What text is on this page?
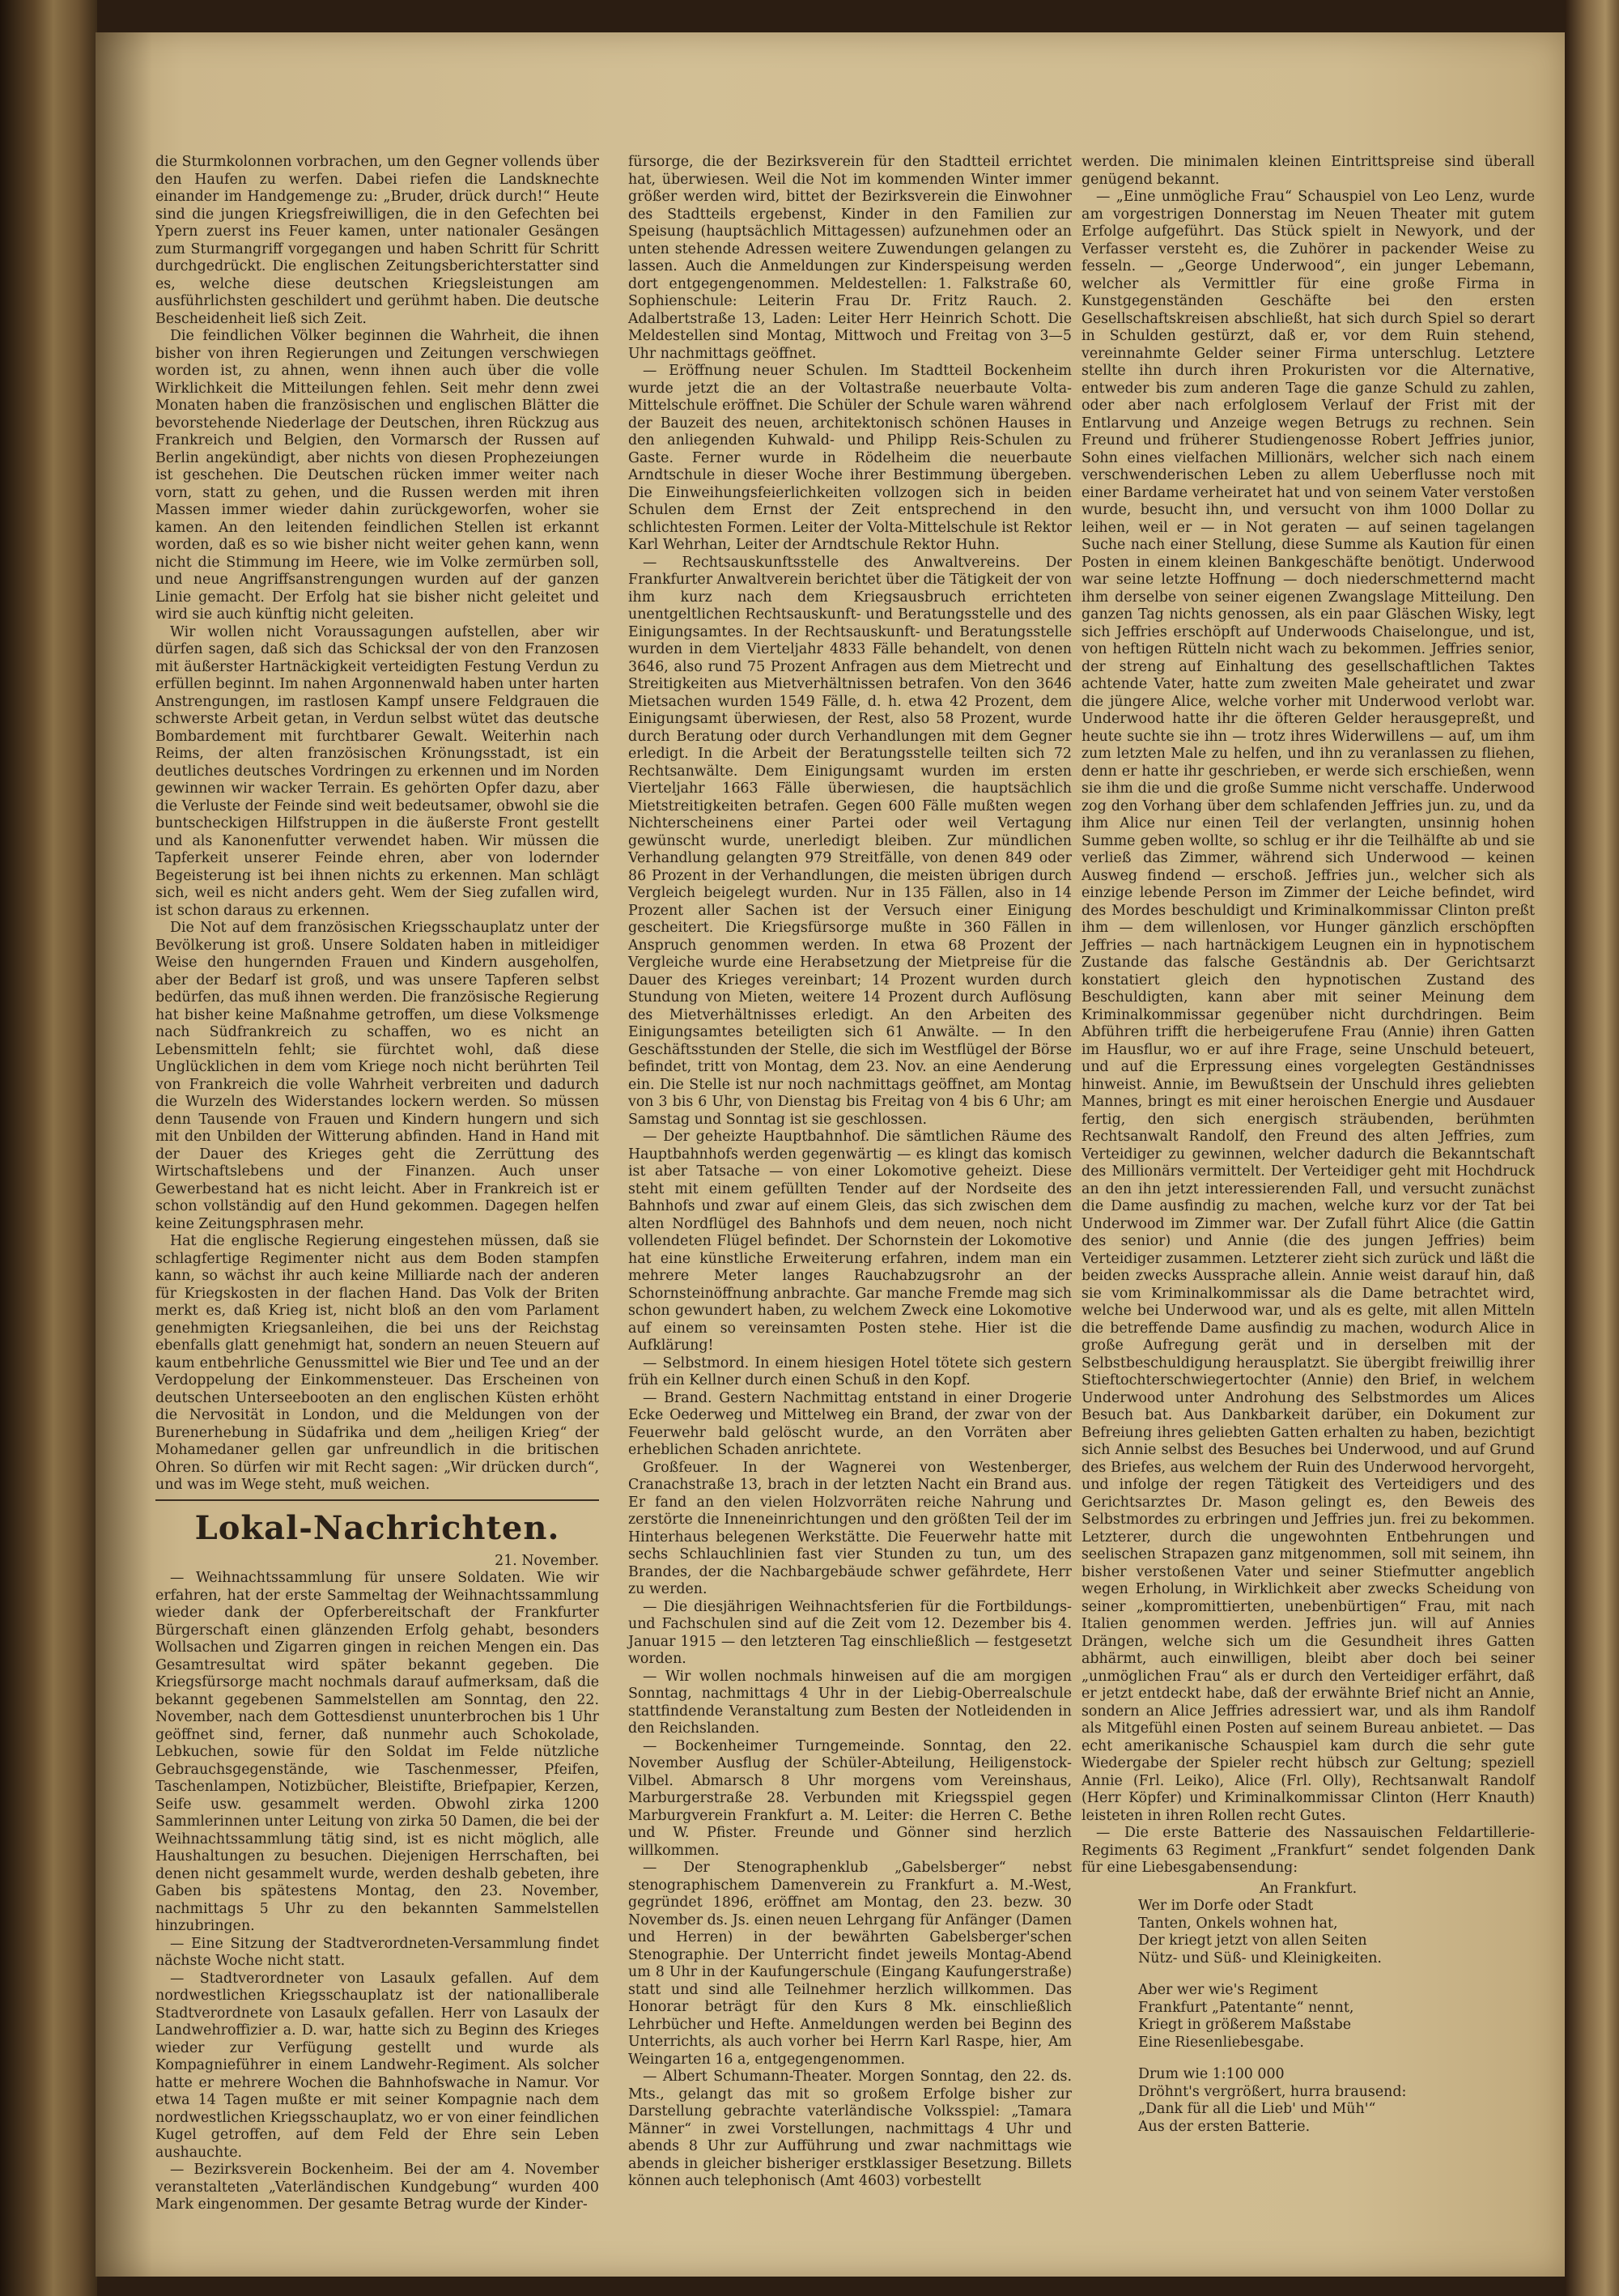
die Sturmkolonnen vorbrachen, um den Gegner vollends über den Haufen zu werfen. Dabei riefen die Landsknechte einander im Handgemenge zu: „Bruder, drück durch!“ Heute sind die jungen Kriegsfreiwilligen, die in den Gefechten bei Ypern zuerst ins Feuer kamen, unter nationaler Gesängen zum Sturmangriff vorgegangen und haben Schritt für Schritt durchgedrückt. Die englischen Zeitungsberichterstatter sind es, welche diese deutschen Kriegsleistungen am ausführlichsten geschildert und gerühmt haben. Die deutsche Bescheidenheit ließ sich Zeit.

Die feindlichen Völker beginnen die Wahrheit, die ihnen bisher von ihren Regierungen und Zeitungen verschwiegen worden ist, zu ahnen, wenn ihnen auch über die volle Wirklichkeit die Mitteilungen fehlen. Seit mehr denn zwei Monaten haben die französischen und englischen Blätter die bevorstehende Niederlage der Deutschen, ihren Rückzug aus Frankreich und Belgien, den Vormarsch der Russen auf Berlin angekündigt, aber nichts von diesen Prophezeiungen ist geschehen. Die Deutschen rücken immer weiter nach vorn, statt zu gehen, und die Russen werden mit ihren Massen immer wieder dahin zurückgeworfen, woher sie kamen. An den leitenden feindlichen Stellen ist erkannt worden, daß es so wie bisher nicht weiter gehen kann, wenn nicht die Stimmung im Heere, wie im Volke zermürben soll, und neue Angriffsanstrengungen wurden auf der ganzen Linie gemacht. Der Erfolg hat sie bisher nicht geleitet und wird sie auch künftig nicht geleiten.

Wir wollen nicht Voraussagungen aufstellen, aber wir dürfen sagen, daß sich das Schicksal der von den Franzosen mit äußerster Hartnäckigkeit verteidigten Festung Verdun zu erfüllen beginnt. Im nahen Argonnenwald haben unter harten Anstrengungen, im rastlosen Kampf unsere Feldgrauen die schwerste Arbeit getan, in Verdun selbst wütet das deutsche Bombardement mit furchtbarer Gewalt. Weiterhin nach Reims, der alten französischen Krönungsstadt, ist ein deutliches deutsches Vordringen zu erkennen und im Norden gewinnen wir wacker Terrain. Es gehörten Opfer dazu, aber die Verluste der Feinde sind weit bedeutsamer, obwohl sie die buntscheckigen Hilfstruppen in die äußerste Front gestellt und als Kanonenfutter verwendet haben. Wir müssen die Tapferkeit unserer Feinde ehren, aber von lodernder Begeisterung ist bei ihnen nichts zu erkennen. Man schlägt sich, weil es nicht anders geht. Wem der Sieg zufallen wird, ist schon daraus zu erkennen.

Die Not auf dem französischen Kriegsschauplatz unter der Bevölkerung ist groß. Unsere Soldaten haben in mitleidiger Weise den hungernden Frauen und Kindern ausgeholfen, aber der Bedarf ist groß, und was unsere Tapferen selbst bedürfen, das muß ihnen werden. Die französische Regierung hat bisher keine Maßnahme getroffen, um diese Volksmenge nach Südfrankreich zu schaffen, wo es nicht an Lebensmitteln fehlt; sie fürchtet wohl, daß diese Unglücklichen in dem vom Kriege noch nicht berührten Teil von Frankreich die volle Wahrheit verbreiten und dadurch die Wurzeln des Widerstandes lockern werden. So müssen denn Tausende von Frauen und Kindern hungern und sich mit den Unbilden der Witterung abfinden. Hand in Hand mit der Dauer des Krieges geht die Zerrüttung des Wirtschaftslebens und der Finanzen. Auch unser Gewerbestand hat es nicht leicht. Aber in Frankreich ist er schon vollständig auf den Hund gekommen. Dagegen helfen keine Zeitungsphrasen mehr.

Hat die englische Regierung eingestehen müssen, daß sie schlagfertige Regimenter nicht aus dem Boden stampfen kann, so wächst ihr auch keine Milliarde nach der anderen für Kriegskosten in der flachen Hand. Das Volk der Briten merkt es, daß Krieg ist, nicht bloß an den vom Parlament genehmigten Kriegsanleihen, die bei uns der Reichstag ebenfalls glatt genehmigt hat, sondern an neuen Steuern auf kaum entbehrliche Genussmittel wie Bier und Tee und an der Verdoppelung der Einkommensteuer. Das Erscheinen von deutschen Unterseebooten an den englischen Küsten erhöht die Nervosität in London, und die Meldungen von der Burenerhebung in Südafrika und dem „heiligen Krieg“ der Mohamedaner gellen gar unfreundlich in die britischen Ohren. So dürfen wir mit Recht sagen: „Wir drücken durch“, und was im Wege steht, muß weichen.

Lokal-Nachrichten.

21. November.

— Weihnachtssammlung für unsere Soldaten. Wie wir erfahren, hat der erste Sammeltag der Weihnachtssammlung wieder dank der Opferbereitschaft der Frankfurter Bürgerschaft einen glänzenden Erfolg gehabt, besonders Wollsachen und Zigarren gingen in reichen Mengen ein. Das Gesamtresultat wird später bekannt gegeben. Die Kriegsfürsorge macht nochmals darauf aufmerksam, daß die bekannt gegebenen Sammelstellen am Sonntag, den 22. November, nach dem Gottesdienst ununterbrochen bis 1 Uhr geöffnet sind, ferner, daß nunmehr auch Schokolade, Lebkuchen, sowie für den Soldat im Felde nützliche Gebrauchsgegenstände, wie Taschenmesser, Pfeifen, Taschenlampen, Notizbücher, Bleistifte, Briefpapier, Kerzen, Seife usw. gesammelt werden. Obwohl zirka 1200 Sammlerinnen unter Leitung von zirka 50 Damen, die bei der Weihnachtssammlung tätig sind, ist es nicht möglich, alle Haushaltungen zu besuchen. Diejenigen Herrschaften, bei denen nicht gesammelt wurde, werden deshalb gebeten, ihre Gaben bis spätestens Montag, den 23. November, nachmittags 5 Uhr zu den bekannten Sammelstellen hinzubringen.

— Eine Sitzung der Stadtverordneten-Versammlung findet nächste Woche nicht statt.

— Stadtverordneter von Lasaulx gefallen. Auf dem nordwestlichen Kriegsschauplatz ist der nationalliberale Stadtverordnete von Lasaulx gefallen. Herr von Lasaulx der Landwehroffizier a. D. war, hatte sich zu Beginn des Krieges wieder zur Verfügung gestellt und wurde als Kompagnieführer in einem Landwehr-Regiment. Als solcher hatte er mehrere Wochen die Bahnhofswache in Namur. Vor etwa 14 Tagen mußte er mit seiner Kompagnie nach dem nordwestlichen Kriegsschauplatz, wo er von einer feindlichen Kugel getroffen, auf dem Feld der Ehre sein Leben aushauchte.

— Bezirksverein Bockenheim. Bei der am 4. November veranstalteten „Vaterländischen Kundgebung“ wurden 400 Mark eingenommen. Der gesamte Betrag wurde der Kinder-

fürsorge, die der Bezirksverein für den Stadtteil errichtet hat, überwiesen. Weil die Not im kommenden Winter immer größer werden wird, bittet der Bezirksverein die Einwohner des Stadtteils ergebenst, Kinder in den Familien zur Speisung (hauptsächlich Mittagessen) aufzunehmen oder an unten stehende Adressen weitere Zuwendungen gelangen zu lassen. Auch die Anmeldungen zur Kinderspeisung werden dort entgegengenommen. Meldestellen: 1. Falkstraße 60, Sophienschule: Leiterin Frau Dr. Fritz Rauch. 2. Adalbertstraße 13, Laden: Leiter Herr Heinrich Schott. Die Meldestellen sind Montag, Mittwoch und Freitag von 3—5 Uhr nachmittags geöffnet.

— Eröffnung neuer Schulen. Im Stadtteil Bockenheim wurde jetzt die an der Voltastraße neuerbaute Volta-Mittelschule eröffnet. Die Schüler der Schule waren während der Bauzeit des neuen, architektonisch schönen Hauses in den anliegenden Kuhwald- und Philipp Reis-Schulen zu Gaste. Ferner wurde in Rödelheim die neuerbaute Arndtschule in dieser Woche ihrer Bestimmung übergeben. Die Einweihungsfeierlichkeiten vollzogen sich in beiden Schulen dem Ernst der Zeit entsprechend in den schlichtesten Formen. Leiter der Volta-Mittelschule ist Rektor Karl Wehrhan, Leiter der Arndtschule Rektor Huhn.

— Rechtsauskunftsstelle des Anwaltvereins. Der Frankfurter Anwaltverein berichtet über die Tätigkeit der von ihm kurz nach dem Kriegsausbruch errichteten unentgeltlichen Rechtsauskunft- und Beratungsstelle und des Einigungsamtes. In der Rechtsauskunft- und Beratungsstelle wurden in dem Vierteljahr 4833 Fälle behandelt, von denen 3646, also rund 75 Prozent Anfragen aus dem Mietrecht und Streitigkeiten aus Mietverhältnissen betrafen. Von den 3646 Mietsachen wurden 1549 Fälle, d. h. etwa 42 Prozent, dem Einigungsamt überwiesen, der Rest, also 58 Prozent, wurde durch Beratung oder durch Verhandlungen mit dem Gegner erledigt. In die Arbeit der Beratungsstelle teilten sich 72 Rechtsanwälte. Dem Einigungsamt wurden im ersten Vierteljahr 1663 Fälle überwiesen, die hauptsächlich Mietstreitigkeiten betrafen. Gegen 600 Fälle mußten wegen Nichterscheinens einer Partei oder weil Vertagung gewünscht wurde, unerledigt bleiben. Zur mündlichen Verhandlung gelangten 979 Streitfälle, von denen 849 oder 86 Prozent in der Verhandlungen, die meisten übrigen durch Vergleich beigelegt wurden. Nur in 135 Fällen, also in 14 Prozent aller Sachen ist der Versuch einer Einigung gescheitert. Die Kriegsfürsorge mußte in 360 Fällen in Anspruch genommen werden. In etwa 68 Prozent der Vergleiche wurde eine Herabsetzung der Mietpreise für die Dauer des Krieges vereinbart; 14 Prozent wurden durch Stundung von Mieten, weitere 14 Prozent durch Auflösung des Mietverhältnisses erledigt. An den Arbeiten des Einigungsamtes beteiligten sich 61 Anwälte. — In den Geschäftsstunden der Stelle, die sich im Westflügel der Börse befindet, tritt von Montag, dem 23. Nov. an eine Aenderung ein. Die Stelle ist nur noch nachmittags geöffnet, am Montag von 3 bis 6 Uhr, von Dienstag bis Freitag von 4 bis 6 Uhr; am Samstag und Sonntag ist sie geschlossen.

— Der geheizte Hauptbahnhof. Die sämtlichen Räume des Hauptbahnhofs werden gegenwärtig — es klingt das komisch ist aber Tatsache — von einer Lokomotive geheizt. Diese steht mit einem gefüllten Tender auf der Nordseite des Bahnhofs und zwar auf einem Gleis, das sich zwischen dem alten Nordflügel des Bahnhofs und dem neuen, noch nicht vollendeten Flügel befindet. Der Schornstein der Lokomotive hat eine künstliche Erweiterung erfahren, indem man ein mehrere Meter langes Rauchabzugsrohr an der Schornsteinöffnung anbrachte. Gar manche Fremde mag sich schon gewundert haben, zu welchem Zweck eine Lokomotive auf einem so vereinsamten Posten stehe. Hier ist die Aufklärung!

— Selbstmord. In einem hiesigen Hotel tötete sich gestern früh ein Kellner durch einen Schuß in den Kopf.

— Brand. Gestern Nachmittag entstand in einer Drogerie Ecke Oederweg und Mittelweg ein Brand, der zwar von der Feuerwehr bald gelöscht wurde, an den Vorräten aber erheblichen Schaden anrichtete.

Großfeuer. In der Wagnerei von Westenberger, Cranachstraße 13, brach in der letzten Nacht ein Brand aus. Er fand an den vielen Holzvorräten reiche Nahrung und zerstörte die Inneneinrichtungen und den größten Teil der im Hinterhaus belegenen Werkstätte. Die Feuerwehr hatte mit sechs Schlauchlinien fast vier Stunden zu tun, um des Brandes, der die Nachbargebäude schwer gefährdete, Herr zu werden.

— Die diesjährigen Weihnachtsferien für die Fortbildungs- und Fachschulen sind auf die Zeit vom 12. Dezember bis 4. Januar 1915 — den letzteren Tag einschließlich — festgesetzt worden.

— Wir wollen nochmals hinweisen auf die am morgigen Sonntag, nachmittags 4 Uhr in der Liebig-Oberrealschule stattfindende Veranstaltung zum Besten der Notleidenden in den Reichslanden.

— Bockenheimer Turngemeinde. Sonntag, den 22. November Ausflug der Schüler-Abteilung, Heiligenstock-Vilbel. Abmarsch 8 Uhr morgens vom Vereinshaus, Marburgerstraße 28. Verbunden mit Kriegsspiel gegen Marburgverein Frankfurt a. M. Leiter: die Herren C. Bethe und W. Pfister. Freunde und Gönner sind herzlich willkommen.

— Der Stenographenklub „Gabelsberger“ nebst stenographischem Damenverein zu Frankfurt a. M.-West, gegründet 1896, eröffnet am Montag, den 23. bezw. 30 November ds. Js. einen neuen Lehrgang für Anfänger (Damen und Herren) in der bewährten Gabelsberger'schen Stenographie. Der Unterricht findet jeweils Montag-Abend um 8 Uhr in der Kaufungerschule (Eingang Kaufungerstraße) statt und sind alle Teilnehmer herzlich willkommen. Das Honorar beträgt für den Kurs 8 Mk. einschließlich Lehrbücher und Hefte. Anmeldungen werden bei Beginn des Unterrichts, als auch vorher bei Herrn Karl Raspe, hier, Am Weingarten 16 a, entgegengenommen.

— Albert Schumann-Theater. Morgen Sonntag, den 22. ds. Mts., gelangt das mit so großem Erfolge bisher zur Darstellung gebrachte vaterländische Volksspiel: „Tamara Männer“ in zwei Vorstellungen, nachmittags 4 Uhr und abends 8 Uhr zur Aufführung und zwar nachmittags wie abends in gleicher bisheriger erstklassiger Besetzung. Billets können auch telephonisch (Amt 4603) vorbestellt

werden. Die minimalen kleinen Eintrittspreise sind überall genügend bekannt.

— „Eine unmögliche Frau“ Schauspiel von Leo Lenz, wurde am vorgestrigen Donnerstag im Neuen Theater mit gutem Erfolge aufgeführt. Das Stück spielt in Newyork, und der Verfasser versteht es, die Zuhörer in packender Weise zu fesseln. — „George Underwood“, ein junger Lebemann, welcher als Vermittler für eine große Firma in Kunstgegenständen Geschäfte bei den ersten Gesellschaftskreisen abschließt, hat sich durch Spiel so derart in Schulden gestürzt, daß er, vor dem Ruin stehend, vereinnahmte Gelder seiner Firma unterschlug. Letztere stellte ihn durch ihren Prokuristen vor die Alternative, entweder bis zum anderen Tage die ganze Schuld zu zahlen, oder aber nach erfolglosem Verlauf der Frist mit der Entlarvung und Anzeige wegen Betrugs zu rechnen. Sein Freund und früherer Studiengenosse Robert Jeffries junior, Sohn eines vielfachen Millionärs, welcher sich nach einem verschwenderischen Leben zu allem Ueberflusse noch mit einer Bardame verheiratet hat und von seinem Vater verstoßen wurde, besucht ihn, und versucht von ihm 1000 Dollar zu leihen, weil er — in Not geraten — auf seinen tagelangen Suche nach einer Stellung, diese Summe als Kaution für einen Posten in einem kleinen Bankgeschäfte benötigt. Underwood war seine letzte Hoffnung — doch niederschmetternd macht ihm derselbe von seiner eigenen Zwangslage Mitteilung. Den ganzen Tag nichts genossen, als ein paar Gläschen Wisky, legt sich Jeffries erschöpft auf Underwoods Chaiselongue, und ist, von heftigen Rütteln nicht wach zu bekommen. Jeffries senior, der streng auf Einhaltung des gesellschaftlichen Taktes achtende Vater, hatte zum zweiten Male geheiratet und zwar die jüngere Alice, welche vorher mit Underwood verlobt war. Underwood hatte ihr die öfteren Gelder herausgepreßt, und heute suchte sie ihn — trotz ihres Widerwillens — auf, um ihm zum letzten Male zu helfen, und ihn zu veranlassen zu fliehen, denn er hatte ihr geschrieben, er werde sich erschießen, wenn sie ihm die und die große Summe nicht verschaffe. Underwood zog den Vorhang über dem schlafenden Jeffries jun. zu, und da ihm Alice nur einen Teil der verlangten, unsinnig hohen Summe geben wollte, so schlug er ihr die Teilhälfte ab und sie verließ das Zimmer, während sich Underwood — keinen Ausweg findend — erschoß. Jeffries jun., welcher sich als einzige lebende Person im Zimmer der Leiche befindet, wird des Mordes beschuldigt und Kriminalkommissar Clinton preßt ihm — dem willenlosen, vor Hunger gänzlich erschöpften Jeffries — nach hartnäckigem Leugnen ein in hypnotischem Zustande das falsche Geständnis ab. Der Gerichtsarzt konstatiert gleich den hypnotischen Zustand des Beschuldigten, kann aber mit seiner Meinung dem Kriminalkommissar gegenüber nicht durchdringen. Beim Abführen trifft die herbeigerufene Frau (Annie) ihren Gatten im Hausflur, wo er auf ihre Frage, seine Unschuld beteuert, und auf die Erpressung eines vorgelegten Geständnisses hinweist. Annie, im Bewußtsein der Unschuld ihres geliebten Mannes, bringt es mit einer heroischen Energie und Ausdauer fertig, den sich energisch sträubenden, berühmten Rechtsanwalt Randolf, den Freund des alten Jeffries, zum Verteidiger zu gewinnen, welcher dadurch die Bekanntschaft des Millionärs vermittelt. Der Verteidiger geht mit Hochdruck an den ihn jetzt interessierenden Fall, und versucht zunächst die Dame ausfindig zu machen, welche kurz vor der Tat bei Underwood im Zimmer war. Der Zufall führt Alice (die Gattin des senior) und Annie (die des jungen Jeffries) beim Verteidiger zusammen. Letzterer zieht sich zurück und läßt die beiden zwecks Aussprache allein. Annie weist darauf hin, daß sie vom Kriminalkommissar als die Dame betrachtet wird, welche bei Underwood war, und als es gelte, mit allen Mitteln die betreffende Dame ausfindig zu machen, wodurch Alice in große Aufregung gerät und in derselben mit der Selbstbeschuldigung herausplatzt. Sie übergibt freiwillig ihrer Stieftochterschwiegertochter (Annie) den Brief, in welchem Underwood unter Androhung des Selbstmordes um Alices Besuch bat. Aus Dankbarkeit darüber, ein Dokument zur Befreiung ihres geliebten Gatten erhalten zu haben, bezichtigt sich Annie selbst des Besuches bei Underwood, und auf Grund des Briefes, aus welchem der Ruin des Underwood hervorgeht, und infolge der regen Tätigkeit des Verteidigers und des Gerichtsarztes Dr. Mason gelingt es, den Beweis des Selbstmordes zu erbringen und Jeffries jun. frei zu bekommen. Letzterer, durch die ungewohnten Entbehrungen und seelischen Strapazen ganz mitgenommen, soll mit seinem, ihn bisher verstoßenen Vater und seiner Stiefmutter angeblich wegen Erholung, in Wirklichkeit aber zwecks Scheidung von seiner „kompromittierten, unebenbürtigen“ Frau, mit nach Italien genommen werden. Jeffries jun. will auf Annies Drängen, welche sich um die Gesundheit ihres Gatten abhärmt, auch einwilligen, bleibt aber doch bei seiner „unmöglichen Frau“ als er durch den Verteidiger erfährt, daß er jetzt entdeckt habe, daß der erwähnte Brief nicht an Annie, sondern an Alice Jeffries adressiert war, und als ihm Randolf als Mitgefühl einen Posten auf seinem Bureau anbietet. — Das echt amerikanische Schauspiel kam durch die sehr gute Wiedergabe der Spieler recht hübsch zur Geltung; speziell Annie (Frl. Leiko), Alice (Frl. Olly), Rechtsanwalt Randolf (Herr Köpfer) und Kriminalkommissar Clinton (Herr Knauth) leisteten in ihren Rollen recht Gutes.

— Die erste Batterie des Nassauischen Feldartillerie-Regiments 63 Regiment „Frankfurt“ sendet folgenden Dank für eine Liebesgabensendung:

An Frankfurt.
Wer im Dorfe oder Stadt
Tanten, Onkels wohnen hat,
Der kriegt jetzt von allen Seiten
Nütz- und Süß- und Kleinigkeiten.
Aber wer wie's Regiment
Frankfurt „Patentante“ nennt,
Kriegt in größerem Maßstabe
Eine Riesenliebesgabe.
Drum wie 1:100 000
Dröhnt's vergrößert, hurra brausend:
„Dank für all die Lieb' und Müh'“
Aus der ersten Batterie.
